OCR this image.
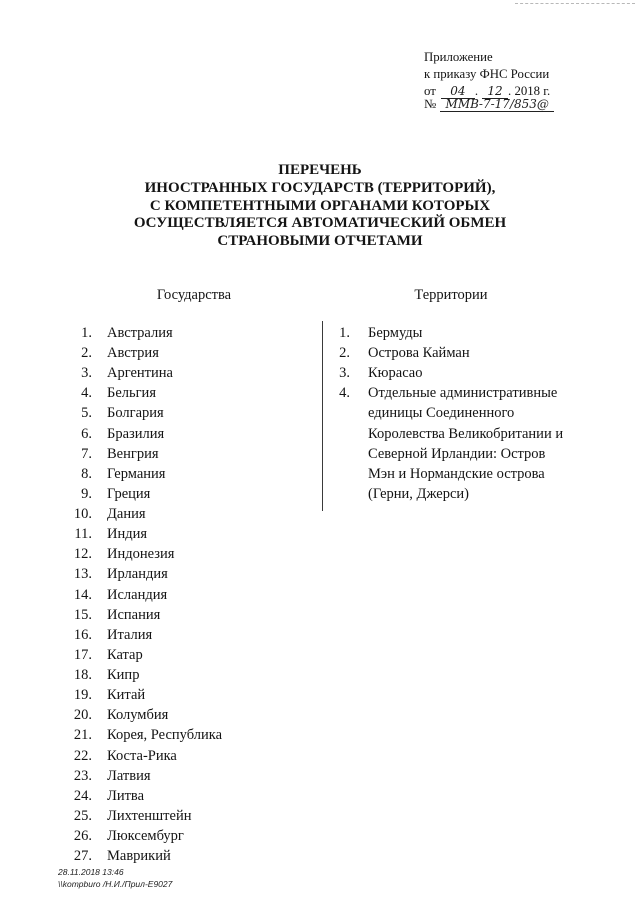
Приложение
к приказу ФНС России
от 04 . 12 . 2018 г.
№ ММВ-7-17/853@
ПЕРЕЧЕНЬ
ИНОСТРАННЫХ ГОСУДАРСТВ (ТЕРРИТОРИЙ),
С КОМПЕТЕНТНЫМИ ОРГАНАМИ КОТОРЫХ
ОСУЩЕСТВЛЯЕТСЯ АВТОМАТИЧЕСКИЙ ОБМЕН
СТРАНОВЫМИ ОТЧЕТАМИ
Государства	Территории
1. Австралия
2. Австрия
3. Аргентина
4. Бельгия
5. Болгария
6. Бразилия
7. Венгрия
8. Германия
9. Греция
10. Дания
11. Индия
12. Индонезия
13. Ирландия
14. Исландия
15. Испания
16. Италия
17. Катар
18. Кипр
19. Китай
20. Колумбия
21. Корея, Республика
22. Коста-Рика
23. Латвия
24. Литва
25. Лихтенштейн
26. Люксембург
27. Маврикий
1. Бермуды
2. Острова Кайман
3. Кюрасао
4. Отдельные административные
единицы Соединенного
Королевства Великобритании и
Северной Ирландии: Остров
Мэн и Нормандские острова
(Герни, Джерси)
28.11.2018 13:46
\\kompburo /Н.И./Прил-Е9027
